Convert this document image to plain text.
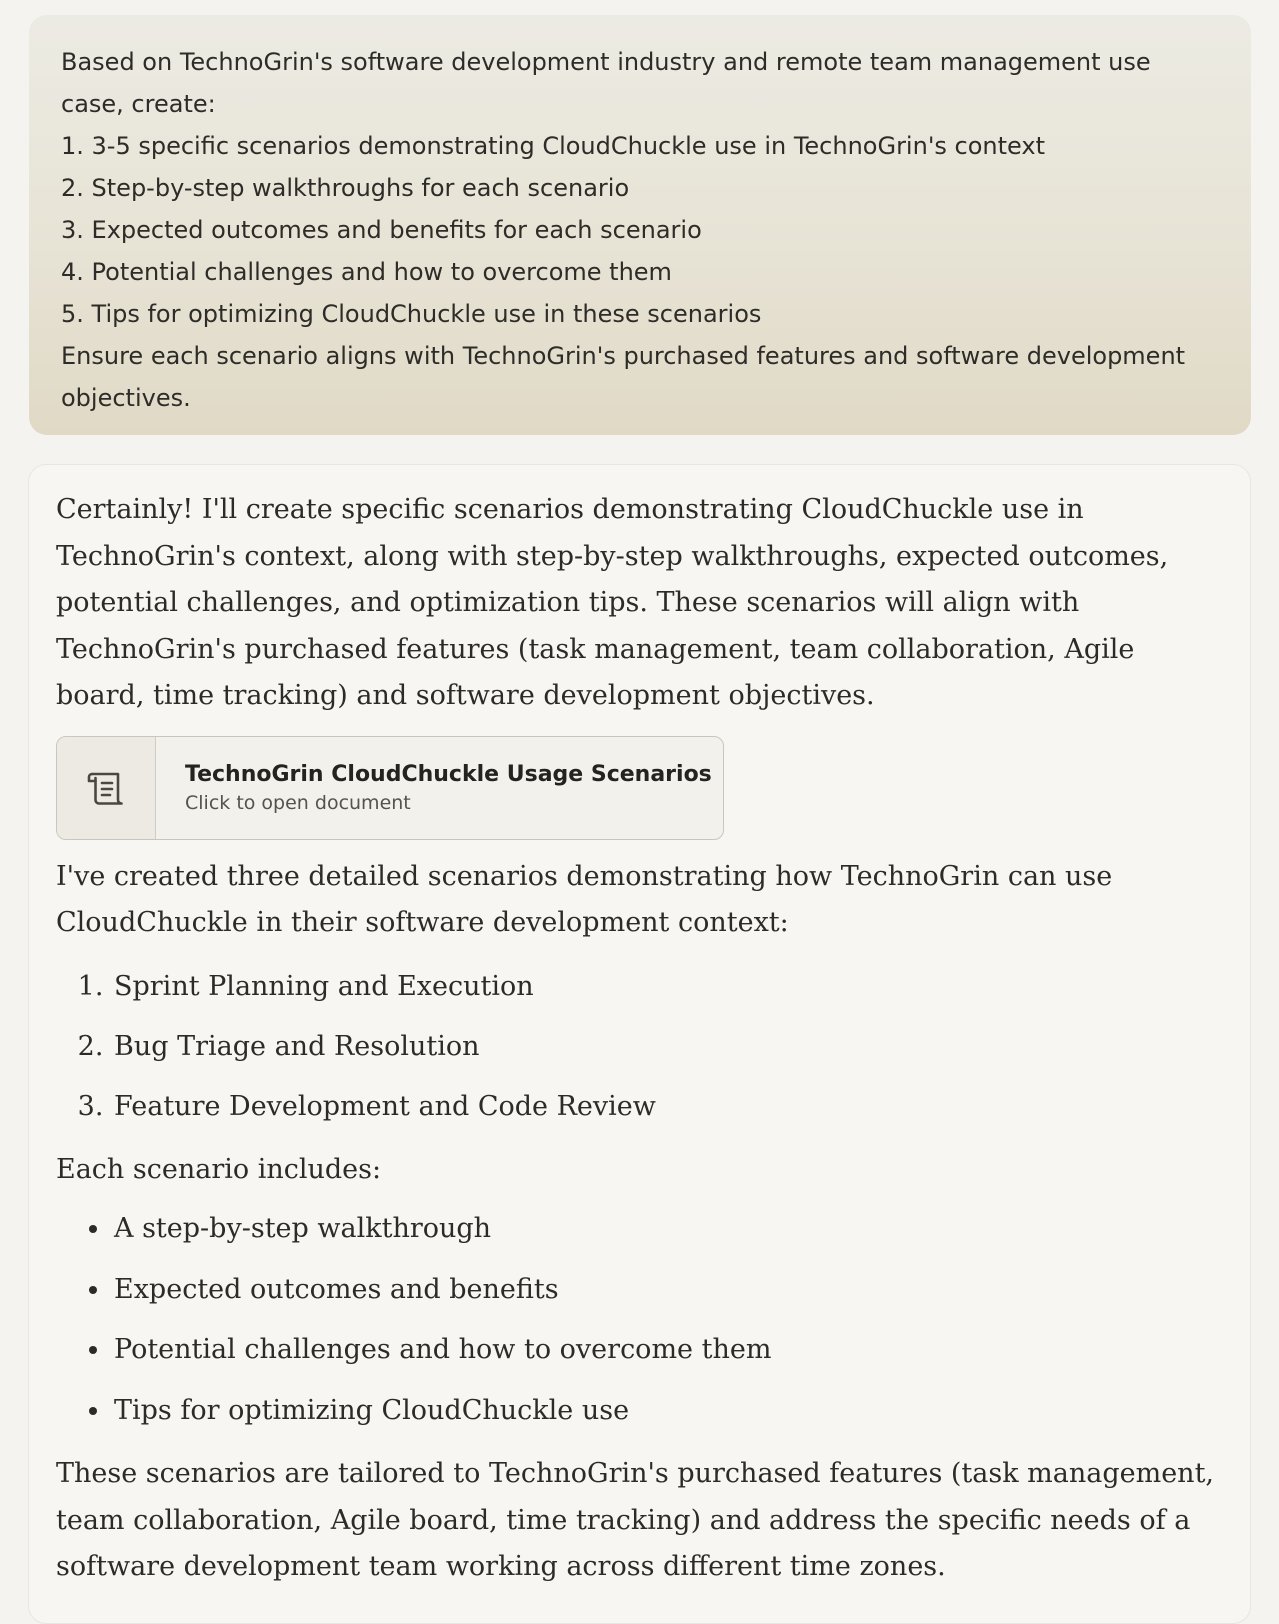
Based on TechnoGrin's software development industry and remote team management use case, create:

1. 3-5 specific scenarios demonstrating CloudChuckle use in TechnoGrin's context

2. Step-by-step walkthroughs for each scenario

3. Expected outcomes and benefits for each scenario

4. Potential challenges and how to overcome them

5. Tips for optimizing CloudChuckle use in these scenarios

Ensure each scenario aligns with TechnoGrin's purchased features and software development objectives.

Certainly! I'll create specific scenarios demonstrating CloudChuckle use in TechnoGrin's context, along with step-by-step walkthroughs, expected outcomes, potential challenges, and optimization tips. These scenarios will align with TechnoGrin's purchased features (task management, team collaboration, Agile board, time tracking) and software development objectives.

TechnoGrin CloudChuckle Usage Scenarios
Click to open document

I've created three detailed scenarios demonstrating how TechnoGrin can use CloudChuckle in their software development context:

1. Sprint Planning and Execution
2. Bug Triage and Resolution
3. Feature Development and Code Review

Each scenario includes:

• A step-by-step walkthrough
• Expected outcomes and benefits
• Potential challenges and how to overcome them
• Tips for optimizing CloudChuckle use

These scenarios are tailored to TechnoGrin's purchased features (task management, team collaboration, Agile board, time tracking) and address the specific needs of a software development team working across different time zones.
